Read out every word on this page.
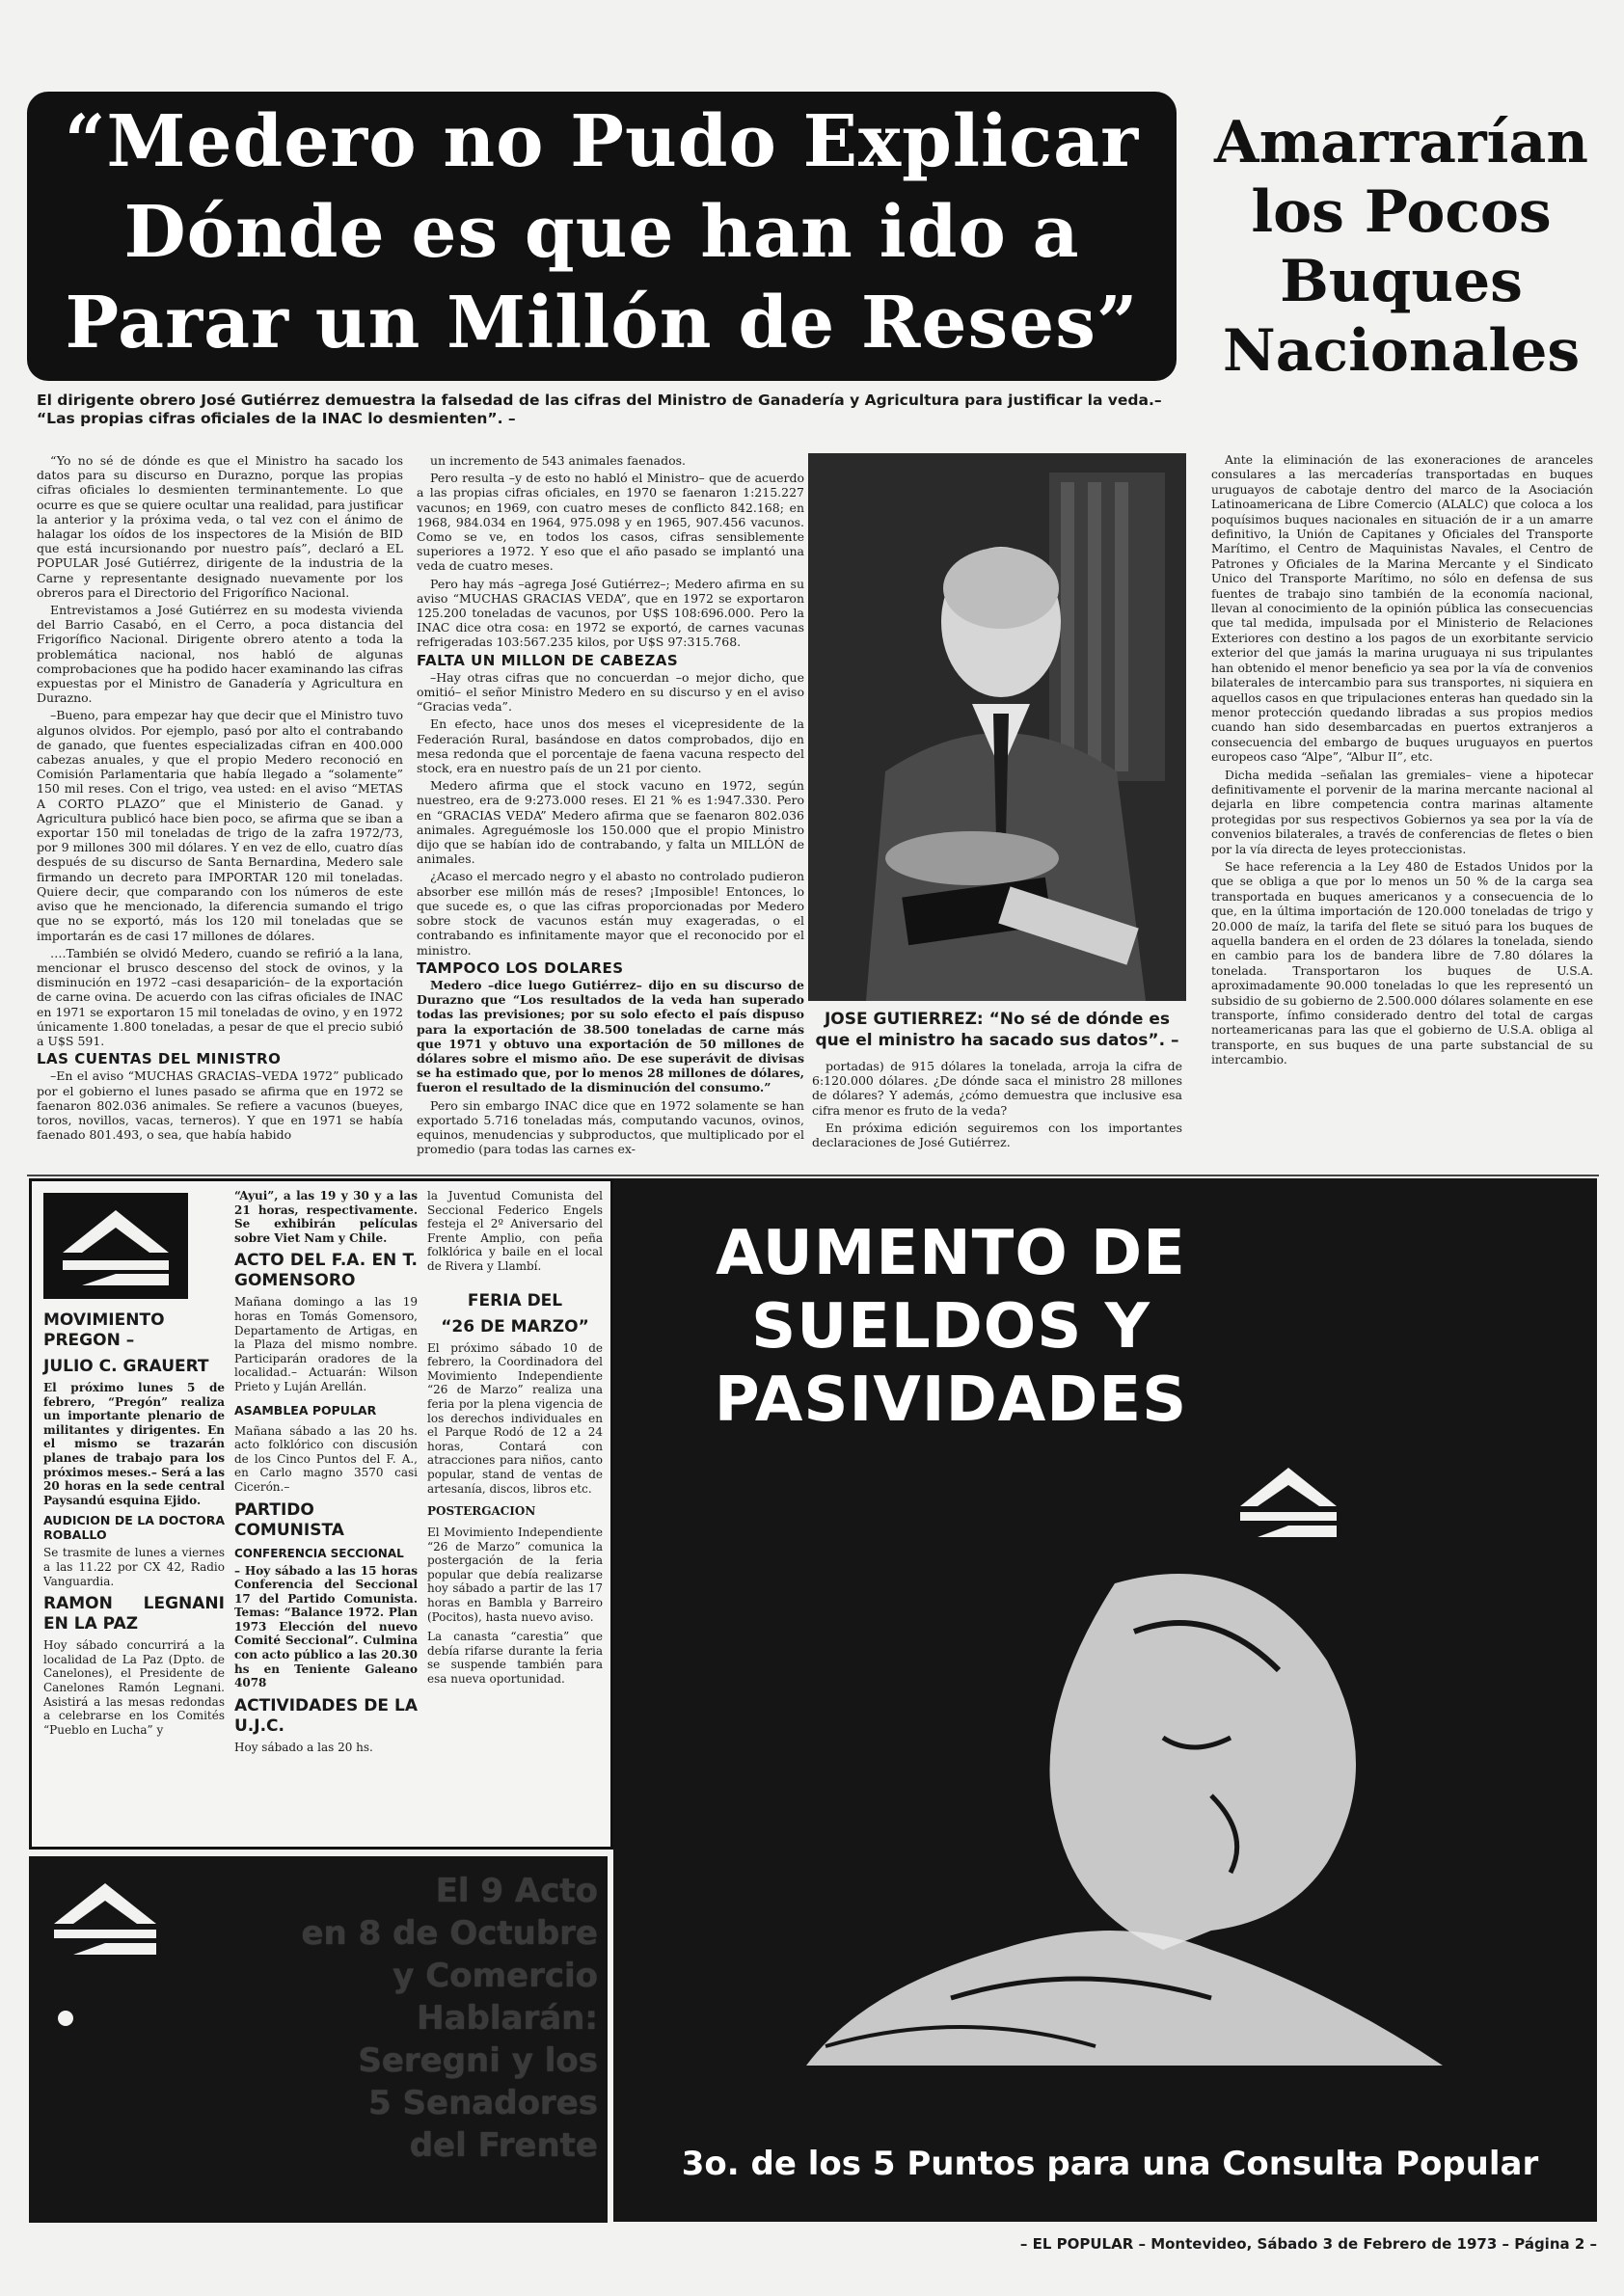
“Medero no Pudo Explicar
Dónde es que han ido a
Parar un Millón de Reses”
Amarrarían
los Pocos
Buques
Nacionales
El dirigente obrero José Gutiérrez demuestra la falsedad de las cifras del Ministro de Ganadería y Agricultura para justificar la veda.– “Las propias cifras oficiales de la INAC lo desmienten”. –

“Yo no sé de dónde es que el Ministro ha sacado los datos para su discurso en Durazno, porque las propias cifras oficiales lo desmienten terminantemente. Lo que ocurre es que se quiere ocultar una realidad, para justificar la anterior y la próxima veda, o tal vez con el ánimo de halagar los oídos de los inspectores de la Misión de BID que está incursionando por nuestro país”, declaró a EL POPULAR José Gutiérrez, dirigente de la industria de la Carne y representante designado nuevamente por los obreros para el Directorio del Frigorífico Nacional.

Entrevistamos a José Gutiérrez en su modesta vivienda del Barrio Casabó, en el Cerro, a poca distancia del Frigorífico Nacional. Dirigente obrero atento a toda la problemática nacional, nos habló de algunas comprobaciones que ha podido hacer examinando las cifras expuestas por el Ministro de Ganadería y Agricultura en Durazno.

–Bueno, para empezar hay que decir que el Ministro tuvo algunos olvidos. Por ejemplo, pasó por alto el contrabando de ganado, que fuentes especializadas cifran en 400.000 cabezas anuales, y que el propio Medero reconoció en Comisión Parlamentaria que había llegado a “solamente” 150 mil reses. Con el trigo, vea usted: en el aviso “METAS A CORTO PLAZO” que el Ministerio de Ganad. y Agricultura publicó hace bien poco, se afirma que se iban a exportar 150 mil toneladas de trigo de la zafra 1972/73, por 9 millones 300 mil dólares. Y en vez de ello, cuatro días después de su discurso de Santa Bernardina, Medero sale firmando un decreto para IMPORTAR 120 mil toneladas. Quiere decir, que comparando con los números de este aviso que he mencionado, la diferencia sumando el trigo que no se exportó, más los 120 mil toneladas que se importarán es de casi 17 millones de dólares.

….También se olvidó Medero, cuando se refirió a la lana, mencionar el brusco descenso del stock de ovinos, y la disminución en 1972 –casi desaparición– de la exportación de carne ovina. De acuerdo con las cifras oficiales de INAC en 1971 se exportaron 15 mil toneladas de ovino, y en 1972 únicamente 1.800 toneladas, a pesar de que el precio subió a U$S 591.

LAS CUENTAS DEL MINISTRO

–En el aviso “MUCHAS GRACIAS–VEDA 1972” publicado por el gobierno el lunes pasado se afirma que en 1972 se faenaron 802.036 animales. Se refiere a vacunos (bueyes, toros, novillos, vacas, terneros). Y que en 1971 se había faenado 801.493, o sea, que había habido

un incremento de 543 animales faenados.

Pero resulta –y de esto no habló el Ministro– que de acuerdo a las propias cifras oficiales, en 1970 se faenaron 1:215.227 vacunos; en 1969, con cuatro meses de conflicto 842.168; en 1968, 984.034 en 1964, 975.098 y en 1965, 907.456 vacunos. Como se ve, en todos los casos, cifras sensiblemente superiores a 1972. Y eso que el año pasado se implantó una veda de cuatro meses.

Pero hay más –agrega José Gutiérrez–; Medero afirma en su aviso “MUCHAS GRACIAS VEDA”, que en 1972 se exportaron 125.200 toneladas de vacunos, por U$S 108:696.000. Pero la INAC dice otra cosa: en 1972 se exportó, de carnes vacunas refrigeradas 103:567.235 kilos, por U$S 97:315.768.

FALTA UN MILLON DE CABEZAS

–Hay otras cifras que no concuerdan –o mejor dicho, que omitió– el señor Ministro Medero en su discurso y en el aviso “Gracias veda”.

En efecto, hace unos dos meses el vicepresidente de la Federación Rural, basándose en datos comprobados, dijo en mesa redonda que el porcentaje de faena vacuna respecto del stock, era en nuestro país de un 21 por ciento.

Medero afirma que el stock vacuno en 1972, según nuestreo, era de 9:273.000 reses. El 21 % es 1:947.330. Pero en “GRACIAS VEDA” Medero afirma que se faenaron 802.036 animales. Agreguémosle los 150.000 que el propio Ministro dijo que se habían ido de contrabando, y falta un MILLÓN de animales.

¿Acaso el mercado negro y el abasto no controlado pudieron absorber ese millón más de reses? ¡Imposible! Entonces, lo que sucede es, o que las cifras proporcionadas por Medero sobre stock de vacunos están muy exageradas, o el contrabando es infinitamente mayor que el reconocido por el ministro.

TAMPOCO LOS DOLARES

Medero –dice luego Gutiérrez– dijo en su discurso de Durazno que “Los resultados de la veda han superado todas las previsiones; por su solo efecto el país dispuso para la exportación de 38.500 toneladas de carne más que 1971 y obtuvo una exportación de 50 millones de dólares sobre el mismo año. De ese superávit de divisas se ha estimado que, por lo menos 28 millones de dólares, fueron el resultado de la disminución del consumo.”

Pero sin embargo INAC dice que en 1972 solamente se han exportado 5.716 toneladas más, computando vacunos, ovinos, equinos, menudencias y subproductos, que multiplicado por el promedio (para todas las carnes ex-

JOSE GUTIERREZ: “No sé de dónde es que el ministro ha sacado sus datos”. –

portadas) de 915 dólares la tonelada, arroja la cifra de 6:120.000 dólares. ¿De dónde saca el ministro 28 millones de dólares? Y además, ¿cómo demuestra que inclusive esa cifra menor es fruto de la veda?

En próxima edición seguiremos con los importantes declaraciones de José Gutiérrez.

Ante la eliminación de las exoneraciones de aranceles consulares a las mercaderías transportadas en buques uruguayos de cabotaje dentro del marco de la Asociación Latinoamericana de Libre Comercio (ALALC) que coloca a los poquísimos buques nacionales en situación de ir a un amarre definitivo, la Unión de Capitanes y Oficiales del Transporte Marítimo, el Centro de Maquinistas Navales, el Centro de Patrones y Oficiales de la Marina Mercante y el Sindicato Unico del Transporte Marítimo, no sólo en defensa de sus fuentes de trabajo sino también de la economía nacional, llevan al conocimiento de la opinión pública las consecuencias que tal medida, impulsada por el Ministerio de Relaciones Exteriores con destino a los pagos de un exorbitante servicio exterior del que jamás la marina uruguaya ni sus tripulantes han obtenido el menor beneficio ya sea por la vía de convenios bilaterales de intercambio para sus transportes, ni siquiera en aquellos casos en que tripulaciones enteras han quedado sin la menor protección quedando libradas a sus propios medios cuando han sido desembarcadas en puertos extranjeros a consecuencia del embargo de buques uruguayos en puertos europeos caso “Alpe”, “Albur II”, etc.

Dicha medida –señalan las gremiales– viene a hipotecar definitivamente el porvenir de la marina mercante nacional al dejarla en libre competencia contra marinas altamente protegidas por sus respectivos Gobiernos ya sea por la vía de convenios bilaterales, a través de conferencias de fletes o bien por la vía directa de leyes proteccionistas.

Se hace referencia a la Ley 480 de Estados Unidos por la que se obliga a que por lo menos un 50 % de la carga sea transportada en buques americanos y a consecuencia de lo que, en la última importación de 120.000 toneladas de trigo y 20.000 de maíz, la tarifa del flete se situó para los buques de aquella bandera en el orden de 23 dólares la tonelada, siendo en cambio para los de bandera libre de 7.80 dólares la tonelada. Transportaron los buques de U.S.A. aproximadamente 90.000 toneladas lo que les representó un subsidio de su gobierno de 2.500.000 dólares solamente en ese transporte, ínfimo considerado dentro del total de cargas norteamericanas para las que el gobierno de U.S.A. obliga al transporte, en sus buques de una parte substancial de su intercambio.

MOVIMIENTO PREGON –
JULIO C. GRAUERT
El próximo lunes 5 de febrero, “Pregón” realiza un importante plenario de militantes y dirigentes. En el mismo se trazarán planes de trabajo para los próximos meses.– Será a las 20 horas en la sede central Paysandú esquina Ejido.
AUDICION DE LA DOCTORA ROBALLO
Se trasmite de lunes a viernes a las 11.22 por CX 42, Radio Vanguardia.
RAMON LEGNANI EN LA PAZ
Hoy sábado concurrirá a la localidad de La Paz (Dpto. de Canelones), el Presidente de Canelones Ramón Legnani. Asistirá a las mesas redondas a celebrarse en los Comités “Pueblo en Lucha” y
“Ayui”, a las 19 y 30 y a las 21 horas, respectivamente. Se exhibirán películas sobre Viet Nam y Chile.
ACTO DEL F.A. EN T. GOMENSORO
Mañana domingo a las 19 horas en Tomás Gomensoro, Departamento de Artigas, en la Plaza del mismo nombre. Participarán oradores de la localidad.– Actuarán: Wilson Prieto y Luján Arellán.
ASAMBLEA POPULAR
Mañana sábado a las 20 hs. acto folklórico con discusión de los Cinco Puntos del F. A., en Carlo magno 3570 casi Cicerón.–
PARTIDO COMUNISTA
CONFERENCIA SECCIONAL
– Hoy sábado a las 15 horas Conferencia del Seccional 17 del Partido Comunista. Temas: “Balance 1972. Plan 1973 Elección del nuevo Comité Seccional”. Culmina con acto público a las 20.30 hs en Teniente Galeano 4078
ACTIVIDADES DE LA U.J.C.
Hoy sábado a las 20 hs.
la Juventud Comunista del Seccional Federico Engels festeja el 2º Aniversario del Frente Amplio, con peña folklórica y baile en el local de Rivera y Llambí.
FERIA DEL
“26 DE MARZO”
El próximo sábado 10 de febrero, la Coordinadora del Movimiento Independiente “26 de Marzo” realiza una feria por la plena vigencia de los derechos individuales en el Parque Rodó de 12 a 24 horas, Contará con atracciones para niños, canto popular, stand de ventas de artesanía, discos, libros etc.
POSTERGACION
El Movimiento Independiente “26 de Marzo” comunica la postergación de la feria popular que debía realizarse hoy sábado a partir de las 17 horas en Bambla y Barreiro (Pocitos), hasta nuevo aviso.
La canasta “carestia” que debía rifarse durante la feria se suspende también para esa nueva oportunidad.
AUMENTO DE
SUELDOS Y
PASIVIDADES
3o. de los 5 Puntos para una Consulta Popular
El 9 Acto
en 8 de Octubre
y Comercio
Hablarán:
Seregni y los
5 Senadores
del Frente
– EL POPULAR – Montevideo, Sábado 3 de Febrero de 1973 – Página 2 –
